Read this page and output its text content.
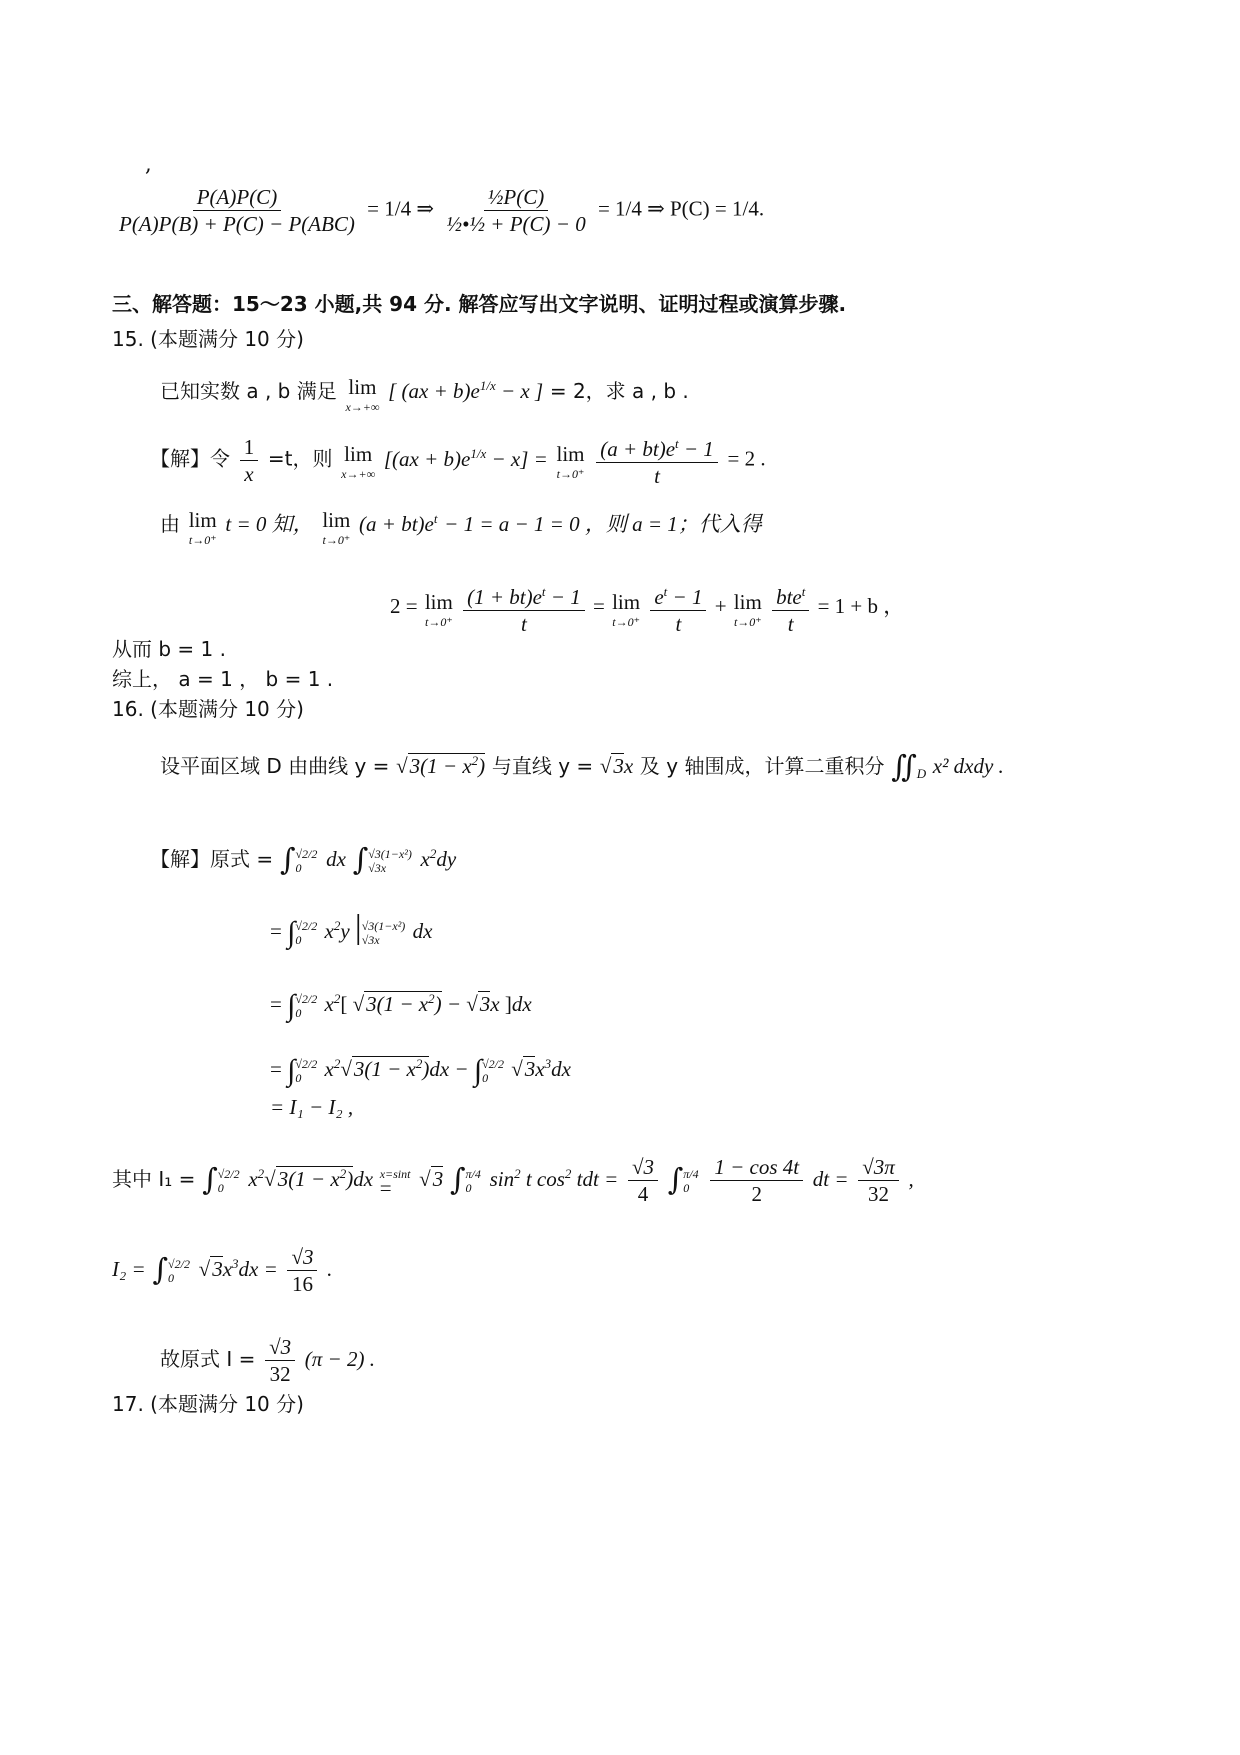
,
$\frac{P(A)P(C)}{\text{P(A)P(B) + P(C) − P(ABC)}} = 1/4$ ⇒ $\frac{\text{½P(C)}}{\text{½•½ + P(C) − 0}} = 1/4$ ⇒ P(C) = 1/4.
三、解答题：15～23 小题,共 94 分. 解答应写出文字说明、证明过程或演算步骤.
15. (本题满分 10 分)
已知实数 a , b 满足 lim
x→+∞
[ $(ax + b)e^{1/x} - x$ ] = 2，求 a , b .
【解】令 $\frac{1}{x} =t$，则 lim
x→+∞
$[(ax + b)e^{1/x} - x] = \lim$
t→0⁺
$\frac{(a + bt)e^t - 1}{t} = 2$ .
由 lim
t→0⁺
t = 0 知， lim
t→0⁺
$(a + bt)e^t - 1 = a - 1 = 0$ ，则 a = 1；代入得
2 = lim
t→0⁺
$\frac{(1 + bt)e^t - 1}{t} = \lim$
t→0⁺
$\frac{e^t - 1}{t} + \lim$
t→0⁺
$\frac{bte^t}{t} = 1 + b$ ，
从而 b = 1 .
综上， a = 1 ， b = 1 .
16. (本题满分 10 分)
设平面区域 D 由曲线 $y = √3(1 - x^2)$ 与直线 y = √3x 及 y 轴围成，计算二重积分 $∬_D$ x² dxdy .
【解】原式 = ∫ √2/2
0	dx ∫ √3(1−x²)
√3x	$x^2dy$
= ∫ √2/2
0 $x^2y$ | √3(1−x²)
√3x	dx
= ∫ √2/2
0 $x^2$[ $√3(1 - x^2) - √3x$ ]dx
= ∫ √2/2
0 $x^2√3(1 - x^2)dx$ − ∫ √2/2
0 $√3x^3dx$
= I₁ − I₂ ,
其中 I₁ = ∫ √2/2
0	$x^2√3(1 - x^2)dx$ x=sint
=	√3 ∫ π/4
0 $\sin^2 t$ $\cos^2$ tdt = $\frac{√3}{4}$ ∫ π/4
0
	$\frac{1 - \cos 4t}{2}$ dt = $\frac{√3\pi}{32}$ ,
I₂ = ∫ √2/2
0	$√3x^3dx = \frac{√3}{16}$ .
故原式 $I = \frac{√3}{32} (\pi - 2)$ .
17. (本题满分 10 分)
